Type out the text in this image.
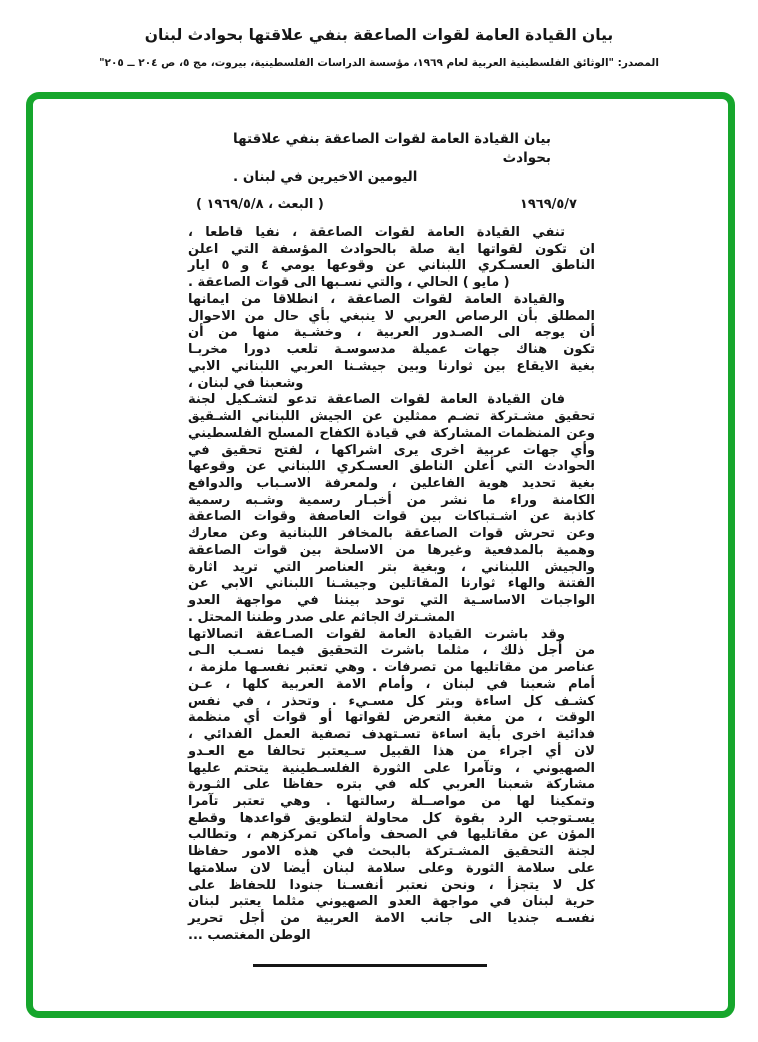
بيان القيادة العامة لقوات الصاعقة بنفي علاقتها بحوادث لبنان
المصدر: "الوثائق الفلسطينية العربية لعام ١٩٦٩، مؤسسة الدراسات الفلسطينية، بيروت، مج ٥، ص ٢٠٤ ــ ٢٠٥"
بيان القيادة العامة لقوات الصاعقة بنفي علاقتها بحوادث
اليومين الاخيرين في لبنان .
١٩٦٩/٥/٧
( البعث ، ١٩٦٩/٥/٨ )
تنفي القيادة العامة لقوات الصاعقة ، نفيا قاطعا ،
ان تكون لقواتها اية صلة بالحوادث المؤسفة التي اعلن
الناطق العسـكري اللبناني عن وقوعها يومي ٤ و ٥ ايار
( مايو ) الحالي ، والتي نسـبها الى قوات الصاعقة .
والقيادة العامة لقوات الصاعقة ، انطلاقا من ايمانها
المطلق بأن الرصاص العربي لا ينبغي بأي حال من الاحوال
أن يوجه الى الصـدور العربية ، وخشـية منها من أن
تكون هناك جهات عميلة مدسوسـة تلعب دورا مخربـا
بغية الايقاع بين ثوارنا وبين جيشـنا العربي اللبناني الابي
وشعبنا في لبنان ،
فان القيادة العامة لقوات الصاعقة تدعو لتشـكيل لجنة
تحقيق مشـتركة تضـم ممثلين عن الجيش اللبناني الشـقيق
وعن المنظمات المشاركة في قيادة الكفاح المسلح الفلسطيني
وأي جهات عربية اخرى يرى اشراكها ، لفتح تحقيق في
الحوادث التي أعلن الناطق العسـكري اللبناني عن وقوعها
بغية تحديد هوية الفاعلين ، ولمعرفة الاسـباب والدوافع
الكامنة وراء ما نشر من أخبـار رسمية وشـبه رسمية
كاذبة عن اشـتباكات بين قوات العاصفة وقوات الصاعقة
وعن تحرش قوات الصاعقة بالمخافر اللبنانية وعن معارك
وهمية بالمدفعية وغيرها من الاسلحة بين قوات الصاعقة
والجيش اللبناني ، وبغية بتر العناصر التي تريد اثارة
الفتنة والهاء ثوارنا المقاتلين وجيشـنا اللبناني الابي عن
الواجبات الاساسـية التي توحد بيننا في مواجهة العدو
المشـترك الجاثم على صدر وطننا المحتل .
وقد باشرت القيادة العامة لقوات الصـاعقة اتصالاتها
من أجل ذلك ، مثلما باشرت التحقيق فيما نسـب الـى
عناصر من مقاتليها من تصرفات . وهي تعتبر نفسـها ملزمة ،
أمام شعبنا في لبنان ، وأمام الامة العربية كلها ، عـن
كشـف كل اساءة وبتر كل مسـيء . وتحذر ، في نفس
الوقت ، من مغبة التعرض لقواتها أو قوات أي منظمة
فدائية اخرى بأية اساءة تسـتهدف تصفية العمل الفدائي ،
لان أي اجراء من هذا القبيل سـيعتبر تحالفا مع العـدو
الصهيوني ، وتآمرا على الثورة الفلسـطينية يتحتم عليها
مشاركة شعبنا العربي كله في بتره حفاظا على الثـورة
وتمكينا لها من مواصــلة رسالتها . وهي تعتبر تآمرا
يسـتوجب الرد بقوة كل محاولة لتطويق قواعدها وقطع
المؤن عن مقاتليها في الصحف وأماكن تمركزهم ، وتطالب
لجنة التحقيق المشـتركة بالبحث في هذه الامور حفاظا
على سلامة الثورة وعلى سلامة لبنان أيضا لان سلامتها
كل لا يتجزأ ، ونحن نعتبر أنفسـنا جنودا للحفاظ على
حرية لبنان في مواجهة العدو الصهيوني مثلما يعتبر لبنان
نفسـه جنديا الى جانب الامة العربية من أجل تحرير
الوطن المغتصب ...
